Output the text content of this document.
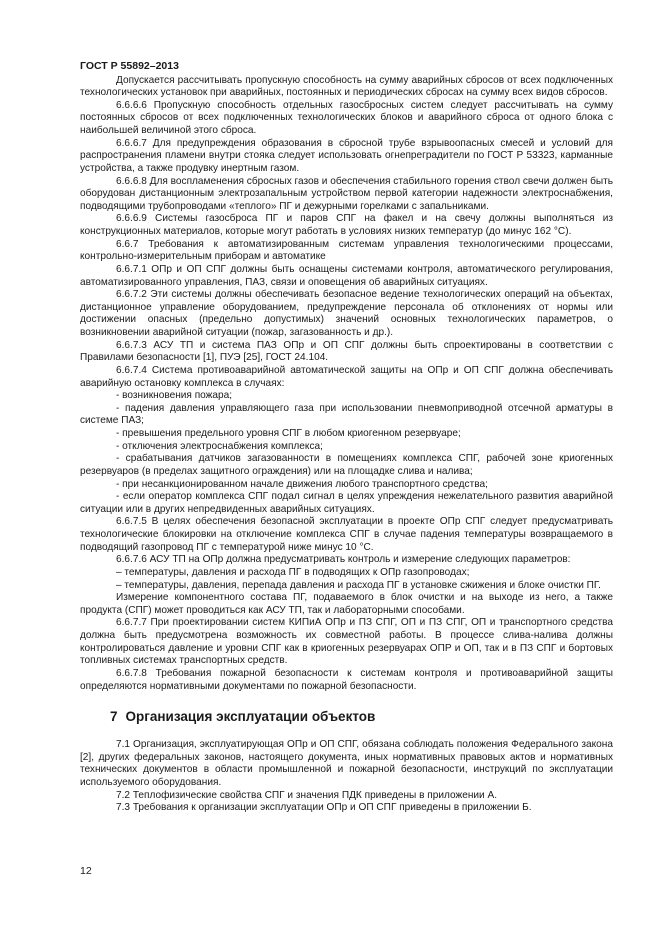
ГОСТ Р 55892–2013

Допускается рассчитывать пропускную способность на сумму аварийных сбросов от всех подключенных технологических установок при аварийных, постоянных и периодических сбросах на сумму всех видов сбросов.

6.6.6.6 Пропускную способность отдельных газосбросных систем следует рассчитывать на сумму постоянных сбросов от всех подключенных технологических блоков и аварийного сброса от одного блока с наибольшей величиной этого сброса.

6.6.6.7 Для предупреждения образования в сбросной трубе взрывоопасных смесей и условий для распространения пламени внутри стояка следует использовать огнепреградители по ГОСТ Р 53323, карманные устройства, а также продувку инертным газом.

6.6.6.8 Для воспламенения сбросных газов и обеспечения стабильного горения ствол свечи должен быть оборудован дистанционным электрозапальным устройством первой категории надежности электроснабжения, подводящими трубопроводами «теплого» ПГ и дежурными горелками с запальниками.

6.6.6.9 Системы газосброса ПГ и паров СПГ на факел и на свечу должны выполняться из конструкционных материалов, которые могут работать в условиях низких температур (до минус 162 °С).

6.6.7 Требования к автоматизированным системам управления технологическими процессами, контрольно-измерительным приборам и автоматике

6.6.7.1 ОПр и ОП СПГ должны быть оснащены системами контроля, автоматического регулирования, автоматизированного управления, ПАЗ, связи и оповещения об аварийных ситуациях.

6.6.7.2 Эти системы должны обеспечивать безопасное ведение технологических операций на объектах, дистанционное управление оборудованием, предупреждение персонала об отклонениях от нормы или достижении опасных (предельно допустимых) значений основных технологических параметров, о возникновении аварийной ситуации (пожар, загазованность и др.).

6.6.7.3 АСУ ТП и система ПАЗ ОПр и ОП СПГ должны быть спроектированы в соответствии с Правилами безопасности [1], ПУЭ [25], ГОСТ 24.104.

6.6.7.4 Система противоаварийной автоматической защиты на ОПр и ОП СПГ должна обеспечивать аварийную остановку комплекса в случаях:

- возникновения пожара;

- падения давления управляющего газа при использовании пневмоприводной отсечной арматуры в системе ПАЗ;

- превышения предельного уровня СПГ в любом криогенном резервуаре;

- отключения электроснабжения комплекса;

- срабатывания датчиков загазованности в помещениях комплекса СПГ, рабочей зоне криогенных резервуаров (в пределах защитного ограждения) или на площадке слива и налива;

- при несанкционированном начале движения любого транспортного средства;

- если оператор комплекса СПГ подал сигнал в целях упреждения нежелательного развития аварийной ситуации или в других непредвиденных аварийных ситуациях.

6.6.7.5 В целях обеспечения безопасной эксплуатации в проекте ОПр СПГ следует предусматривать технологические блокировки на отключение комплекса СПГ в случае падения температуры возвращаемого в подводящий газопровод ПГ с температурой ниже минус 10 °С.

6.6.7.6 АСУ ТП на ОПр должна предусматривать контроль и измерение следующих параметров:

– температуры, давления и расхода ПГ в подводящих к ОПр газопроводах;

– температуры, давления, перепада давления и расхода ПГ в установке сжижения и блоке очистки ПГ.

Измерение компонентного состава ПГ, подаваемого в блок очистки и на выходе из него, а также продукта (СПГ) может проводиться как АСУ ТП, так и лабораторными способами.

6.6.7.7 При проектировании систем КИПиА ОПр и ПЗ СПГ, ОП и ПЗ СПГ, ОП и транспортного средства должна быть предусмотрена возможность их совместной работы. В процессе слива-налива должны контролироваться давление и уровни СПГ как в криогенных резервуарах ОПР и ОП, так и в ПЗ СПГ и бортовых топливных системах транспортных средств.

6.6.7.8 Требования пожарной безопасности к системам контроля и противоаварийной защиты определяются нормативными документами по пожарной безопасности.

7 Организация эксплуатации объектов

7.1 Организация, эксплуатирующая ОПр и ОП СПГ, обязана соблюдать положения Федерального закона [2], других федеральных законов, настоящего документа, иных нормативных правовых актов и нормативных технических документов в области промышленной и пожарной безопасности, инструкций по эксплуатации используемого оборудования.

7.2 Теплофизические свойства СПГ и значения ПДК приведены в приложении А.

7.3 Требования к организации эксплуатации ОПр и ОП СПГ приведены в приложении Б.

12
